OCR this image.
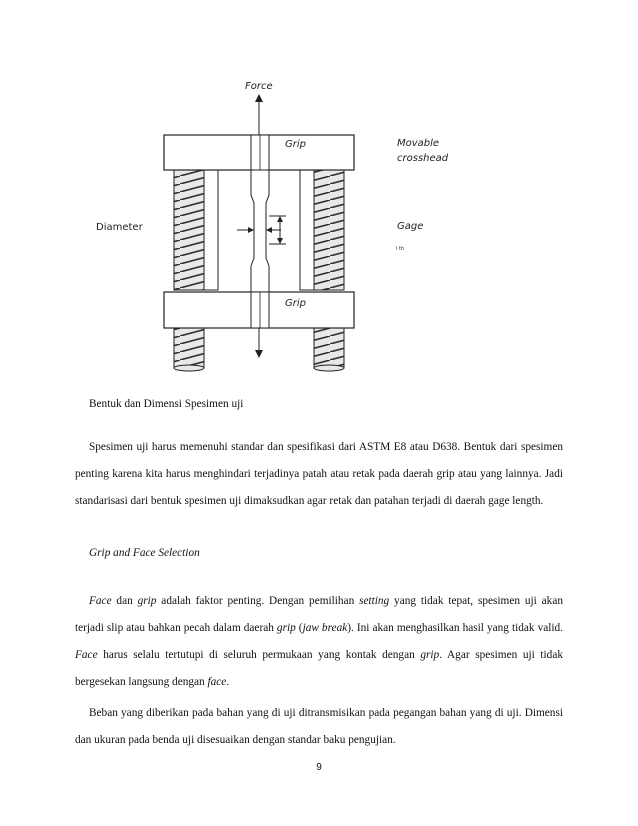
Force
Grip
Grip
Movable
crosshead
Diameter	Gage
l th

Bentuk dan Dimensi Spesimen uji

Spesimen uji harus memenuhi standar dan spesifikasi dari ASTM E8 atau D638. Bentuk dari spesimen penting karena kita harus menghindari terjadinya patah atau retak pada daerah grip atau yang lainnya. Jadi standarisasi dari bentuk spesimen uji dimaksudkan agar retak dan patahan terjadi di daerah gage length.

Grip and Face Selection

Face dan grip adalah faktor penting. Dengan pemilihan setting yang tidak tepat, spesimen uji akan terjadi slip atau bahkan pecah dalam daerah grip (jaw break). Ini akan menghasilkan hasil yang tidak valid. Face harus selalu tertutupi di seluruh permukaan yang kontak dengan grip. Agar spesimen uji tidak bergesekan langsung dengan face.

Beban yang diberikan pada bahan yang di uji ditransmisikan pada pegangan bahan yang di uji. Dimensi dan ukuran pada benda uji disesuaikan dengan standar baku pengujian.

9
